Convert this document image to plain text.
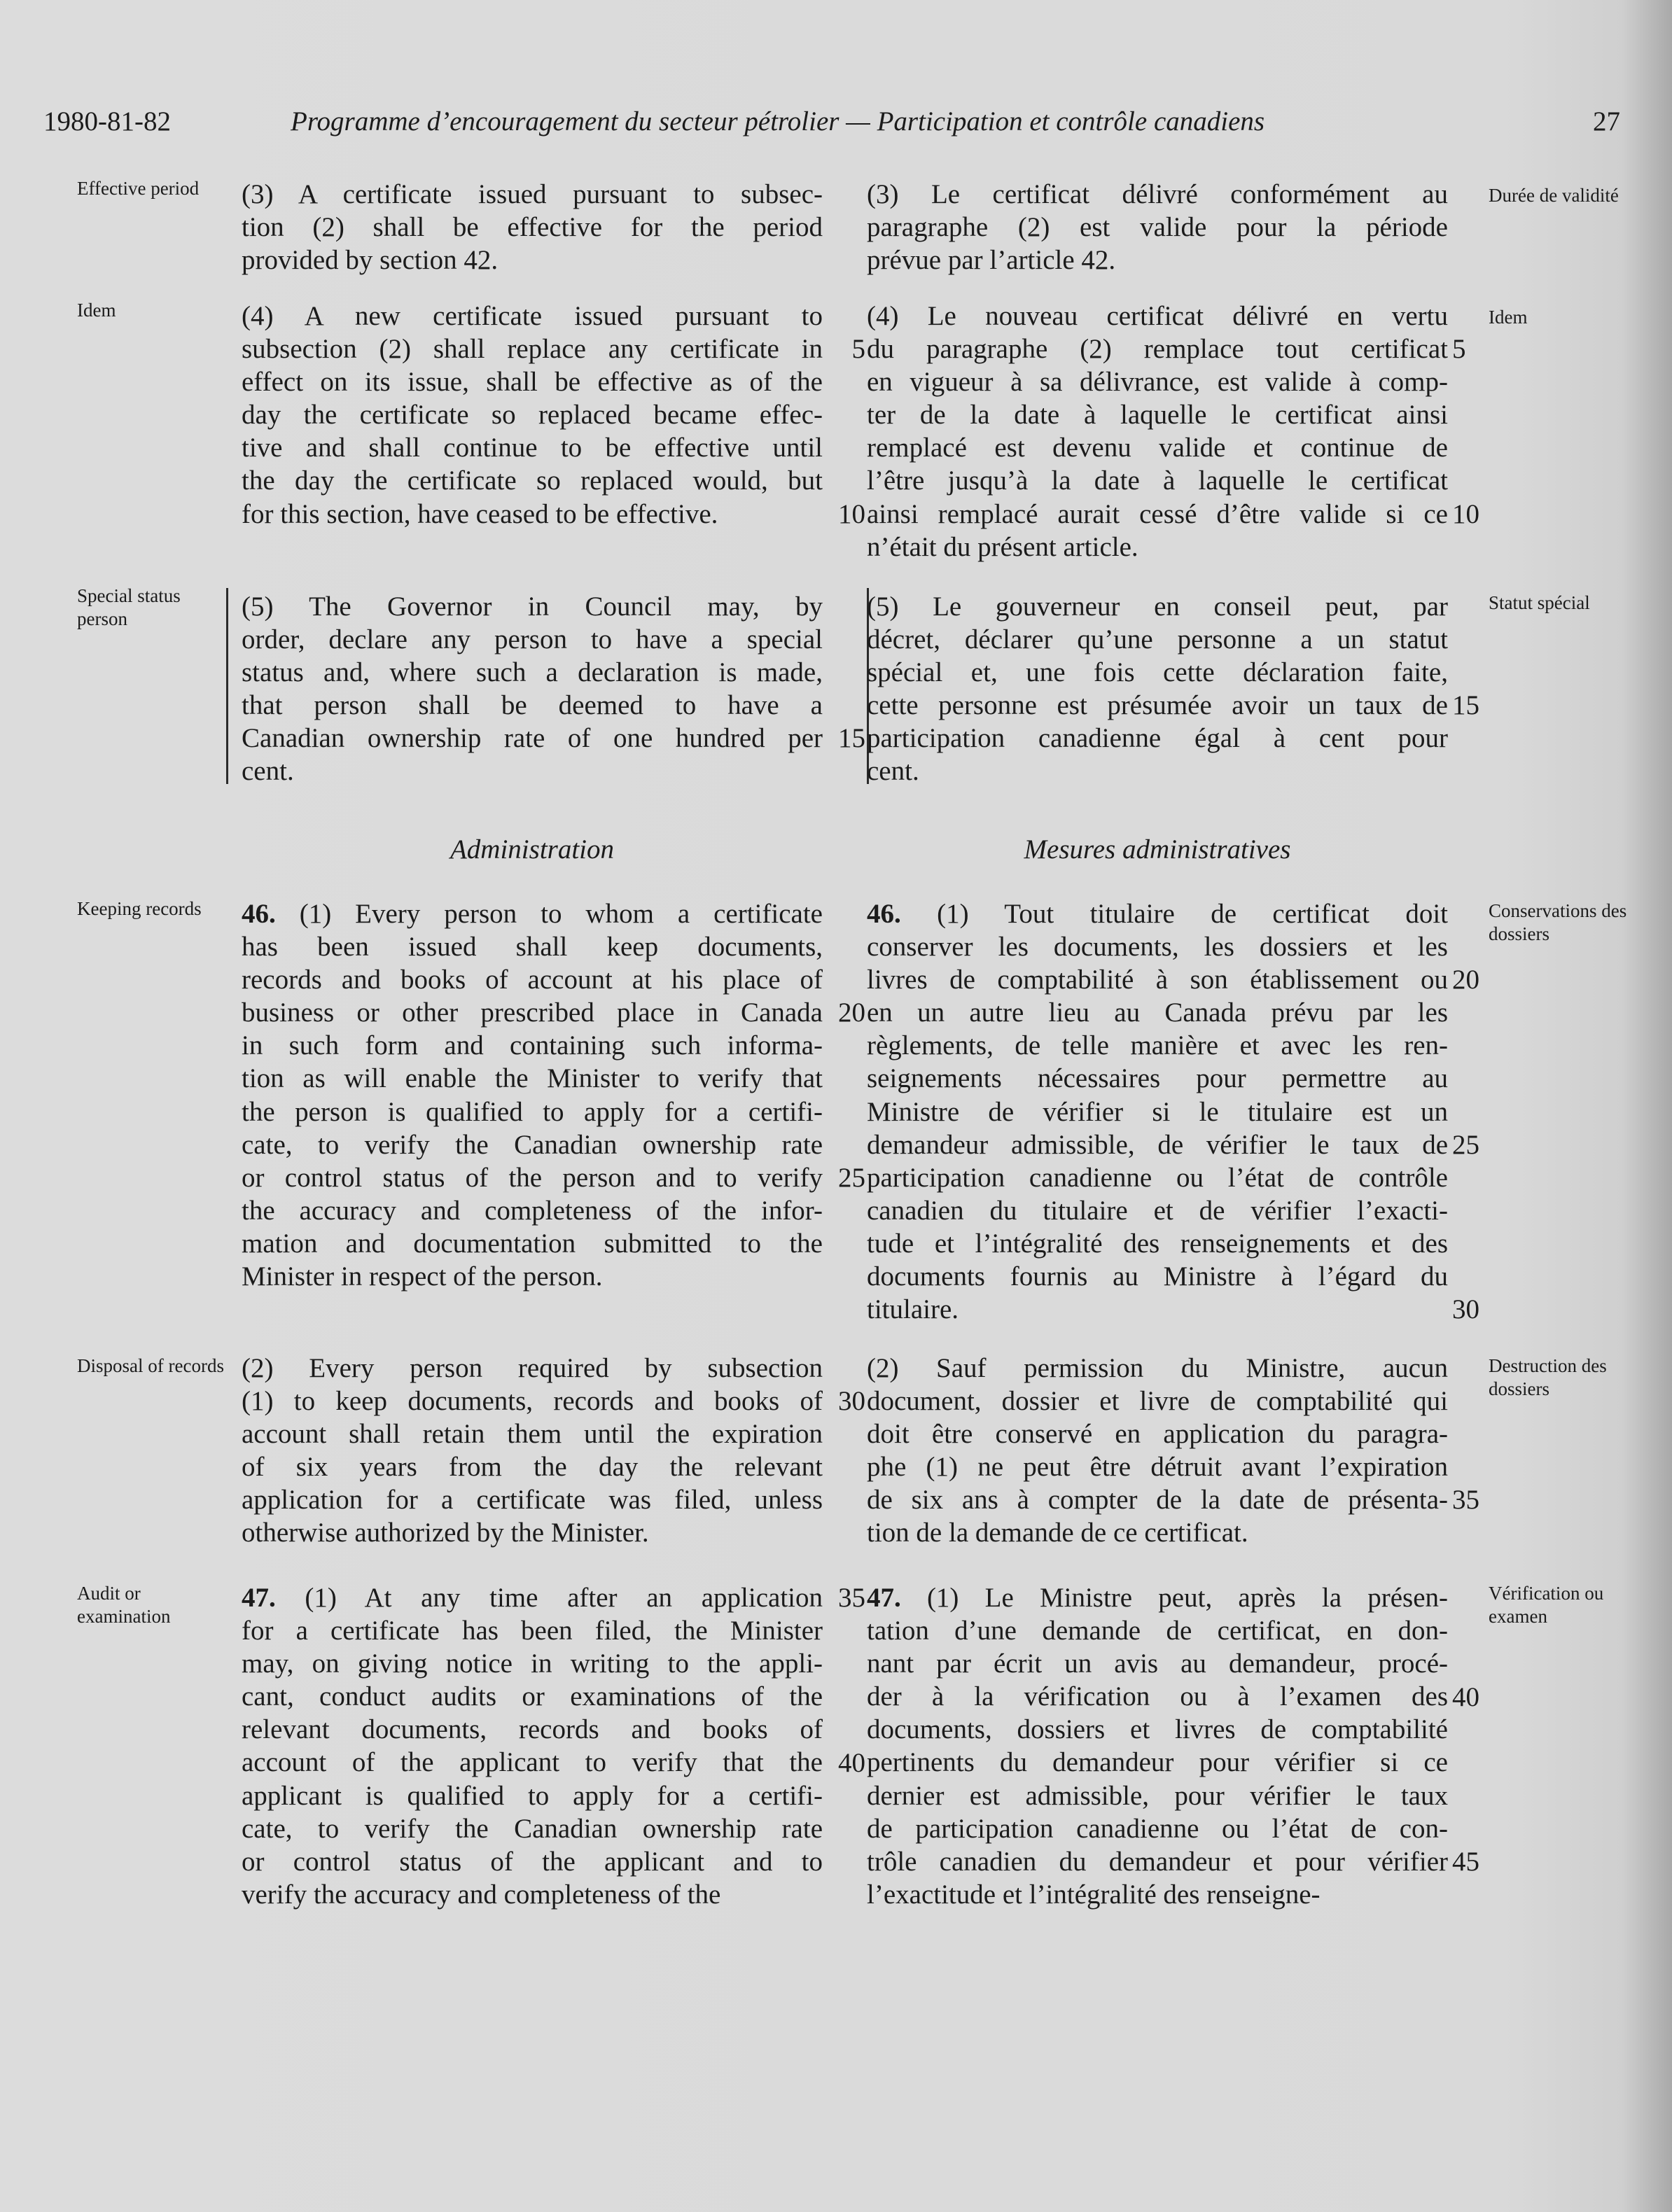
1980-81-82	Programme d’encouragement du secteur pétrolier — Participation et contrôle canadiens	27
Effective period
Idem
Special status person
Keeping records
Disposal of records
Audit or examination
Durée de validité
Idem
Statut spécial
Conservations des dossiers
Destruction des dossiers
Vérification ou examen
(3) A certificate issued pursuant to subsec-
tion (2) shall be effective for the period
provided by section 42.
(4) A new certificate issued pursuant to
subsection (2) shall replace any certificate in
effect on its issue, shall be effective as of the
day the certificate so replaced became effec-
tive and shall continue to be effective until
the day the certificate so replaced would, but
for this section, have ceased to be effective.
(5) The Governor in Council may, by
order, declare any person to have a special
status and, where such a declaration is made,
that person shall be deemed to have a
Canadian ownership rate of one hundred per
cent.
Administration
46. (1) Every person to whom a certificate
has been issued shall keep documents,
records and books of account at his place of
business or other prescribed place in Canada
in such form and containing such informa-
tion as will enable the Minister to verify that
the person is qualified to apply for a certifi-
cate, to verify the Canadian ownership rate
or control status of the person and to verify
the accuracy and completeness of the infor-
mation and documentation submitted to the
Minister in respect of the person.
(2) Every person required by subsection
(1) to keep documents, records and books of
account shall retain them until the expiration
of six years from the day the relevant
application for a certificate was filed, unless
otherwise authorized by the Minister.
47. (1) At any time after an application
for a certificate has been filed, the Minister
may, on giving notice in writing to the appli-
cant, conduct audits or examinations of the
relevant documents, records and books of
account of the applicant to verify that the
applicant is qualified to apply for a certifi-
cate, to verify the Canadian ownership rate
or control status of the applicant and to
verify the accuracy and completeness of the
(3) Le certificat délivré conformément au
paragraphe (2) est valide pour la période
prévue par l’article 42.
(4) Le nouveau certificat délivré en vertu
du paragraphe (2) remplace tout certificat
en vigueur à sa délivrance, est valide à comp-
ter de la date à laquelle le certificat ainsi
remplacé est devenu valide et continue de
l’être jusqu’à la date à laquelle le certificat
ainsi remplacé aurait cessé d’être valide si ce
n’était du présent article.
(5) Le gouverneur en conseil peut, par
décret, déclarer qu’une personne a un statut
spécial et, une fois cette déclaration faite,
cette personne est présumée avoir un taux de
participation canadienne égal à cent pour
cent.
Mesures administratives
46. (1) Tout titulaire de certificat doit
conserver les documents, les dossiers et les
livres de comptabilité à son établissement ou
en un autre lieu au Canada prévu par les
règlements, de telle manière et avec les ren-
seignements nécessaires pour permettre au
Ministre de vérifier si le titulaire est un
demandeur admissible, de vérifier le taux de
participation canadienne ou l’état de contrôle
canadien du titulaire et de vérifier l’exacti-
tude et l’intégralité des renseignements et des
documents fournis au Ministre à l’égard du
titulaire.
(2) Sauf permission du Ministre, aucun
document, dossier et livre de comptabilité qui
doit être conservé en application du paragra-
phe (1) ne peut être détruit avant l’expiration
de six ans à compter de la date de présenta-
tion de la demande de ce certificat.
47. (1) Le Ministre peut, après la présen-
tation d’une demande de certificat, en don-
nant par écrit un avis au demandeur, procé-
der à la vérification ou à l’examen des
documents, dossiers et livres de comptabilité
pertinents du demandeur pour vérifier si ce
dernier est admissible, pour vérifier le taux
de participation canadienne ou l’état de con-
trôle canadien du demandeur et pour vérifier
l’exactitude et l’intégralité des renseigne-
5
10
15
20
25
30
35
40
5
10
15
20
25
30
35
40
45
